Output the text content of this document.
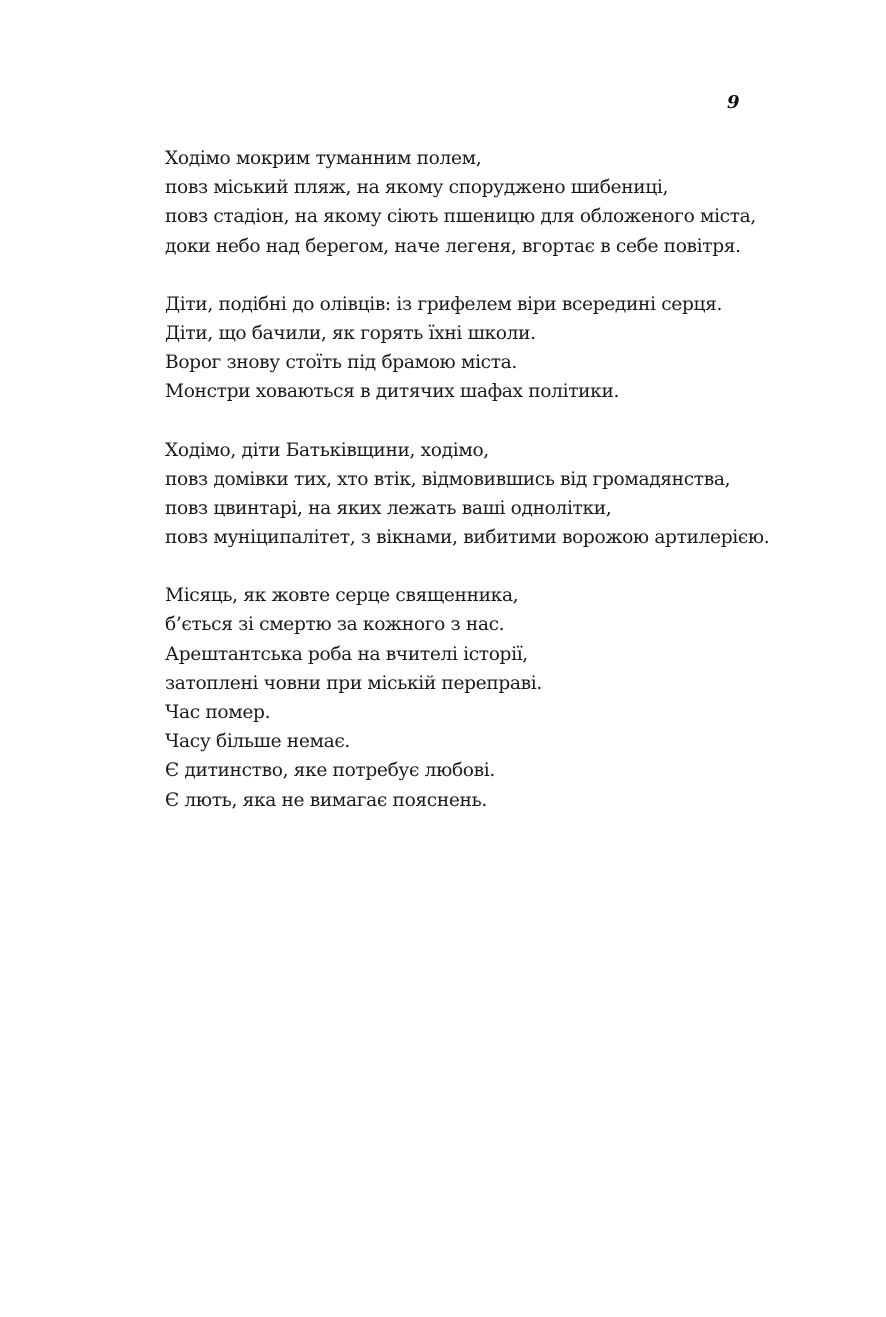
9
Ходімо мокрим туманним полем,
повз міський пляж, на якому споруджено шибениці,
повз стадіон, на якому сіють пшеницю для обложеного міста,
доки небо над берегом, наче легеня, вгортає в себе повітря.
Діти, подібні до олівців: із грифелем віри всередині серця.
Діти, що бачили, як горять їхні школи.
Ворог знову стоїть під брамою міста.
Монстри ховаються в дитячих шафах політики.
Ходімо, діти Батьківщини, ходімо,
повз домівки тих, хто втік, відмовившись від громадянства,
повз цвинтарі, на яких лежать ваші однолітки,
повз муніципалітет, з вікнами, вибитими ворожою артилерією.
Місяць, як жовте серце священника,
б’ється зі смертю за кожного з нас.
Арештантська роба на вчителі історії,
затоплені човни при міській переправі.
Час помер.
Часу більше немає.
Є дитинство, яке потребує любові.
Є лють, яка не вимагає пояснень.
